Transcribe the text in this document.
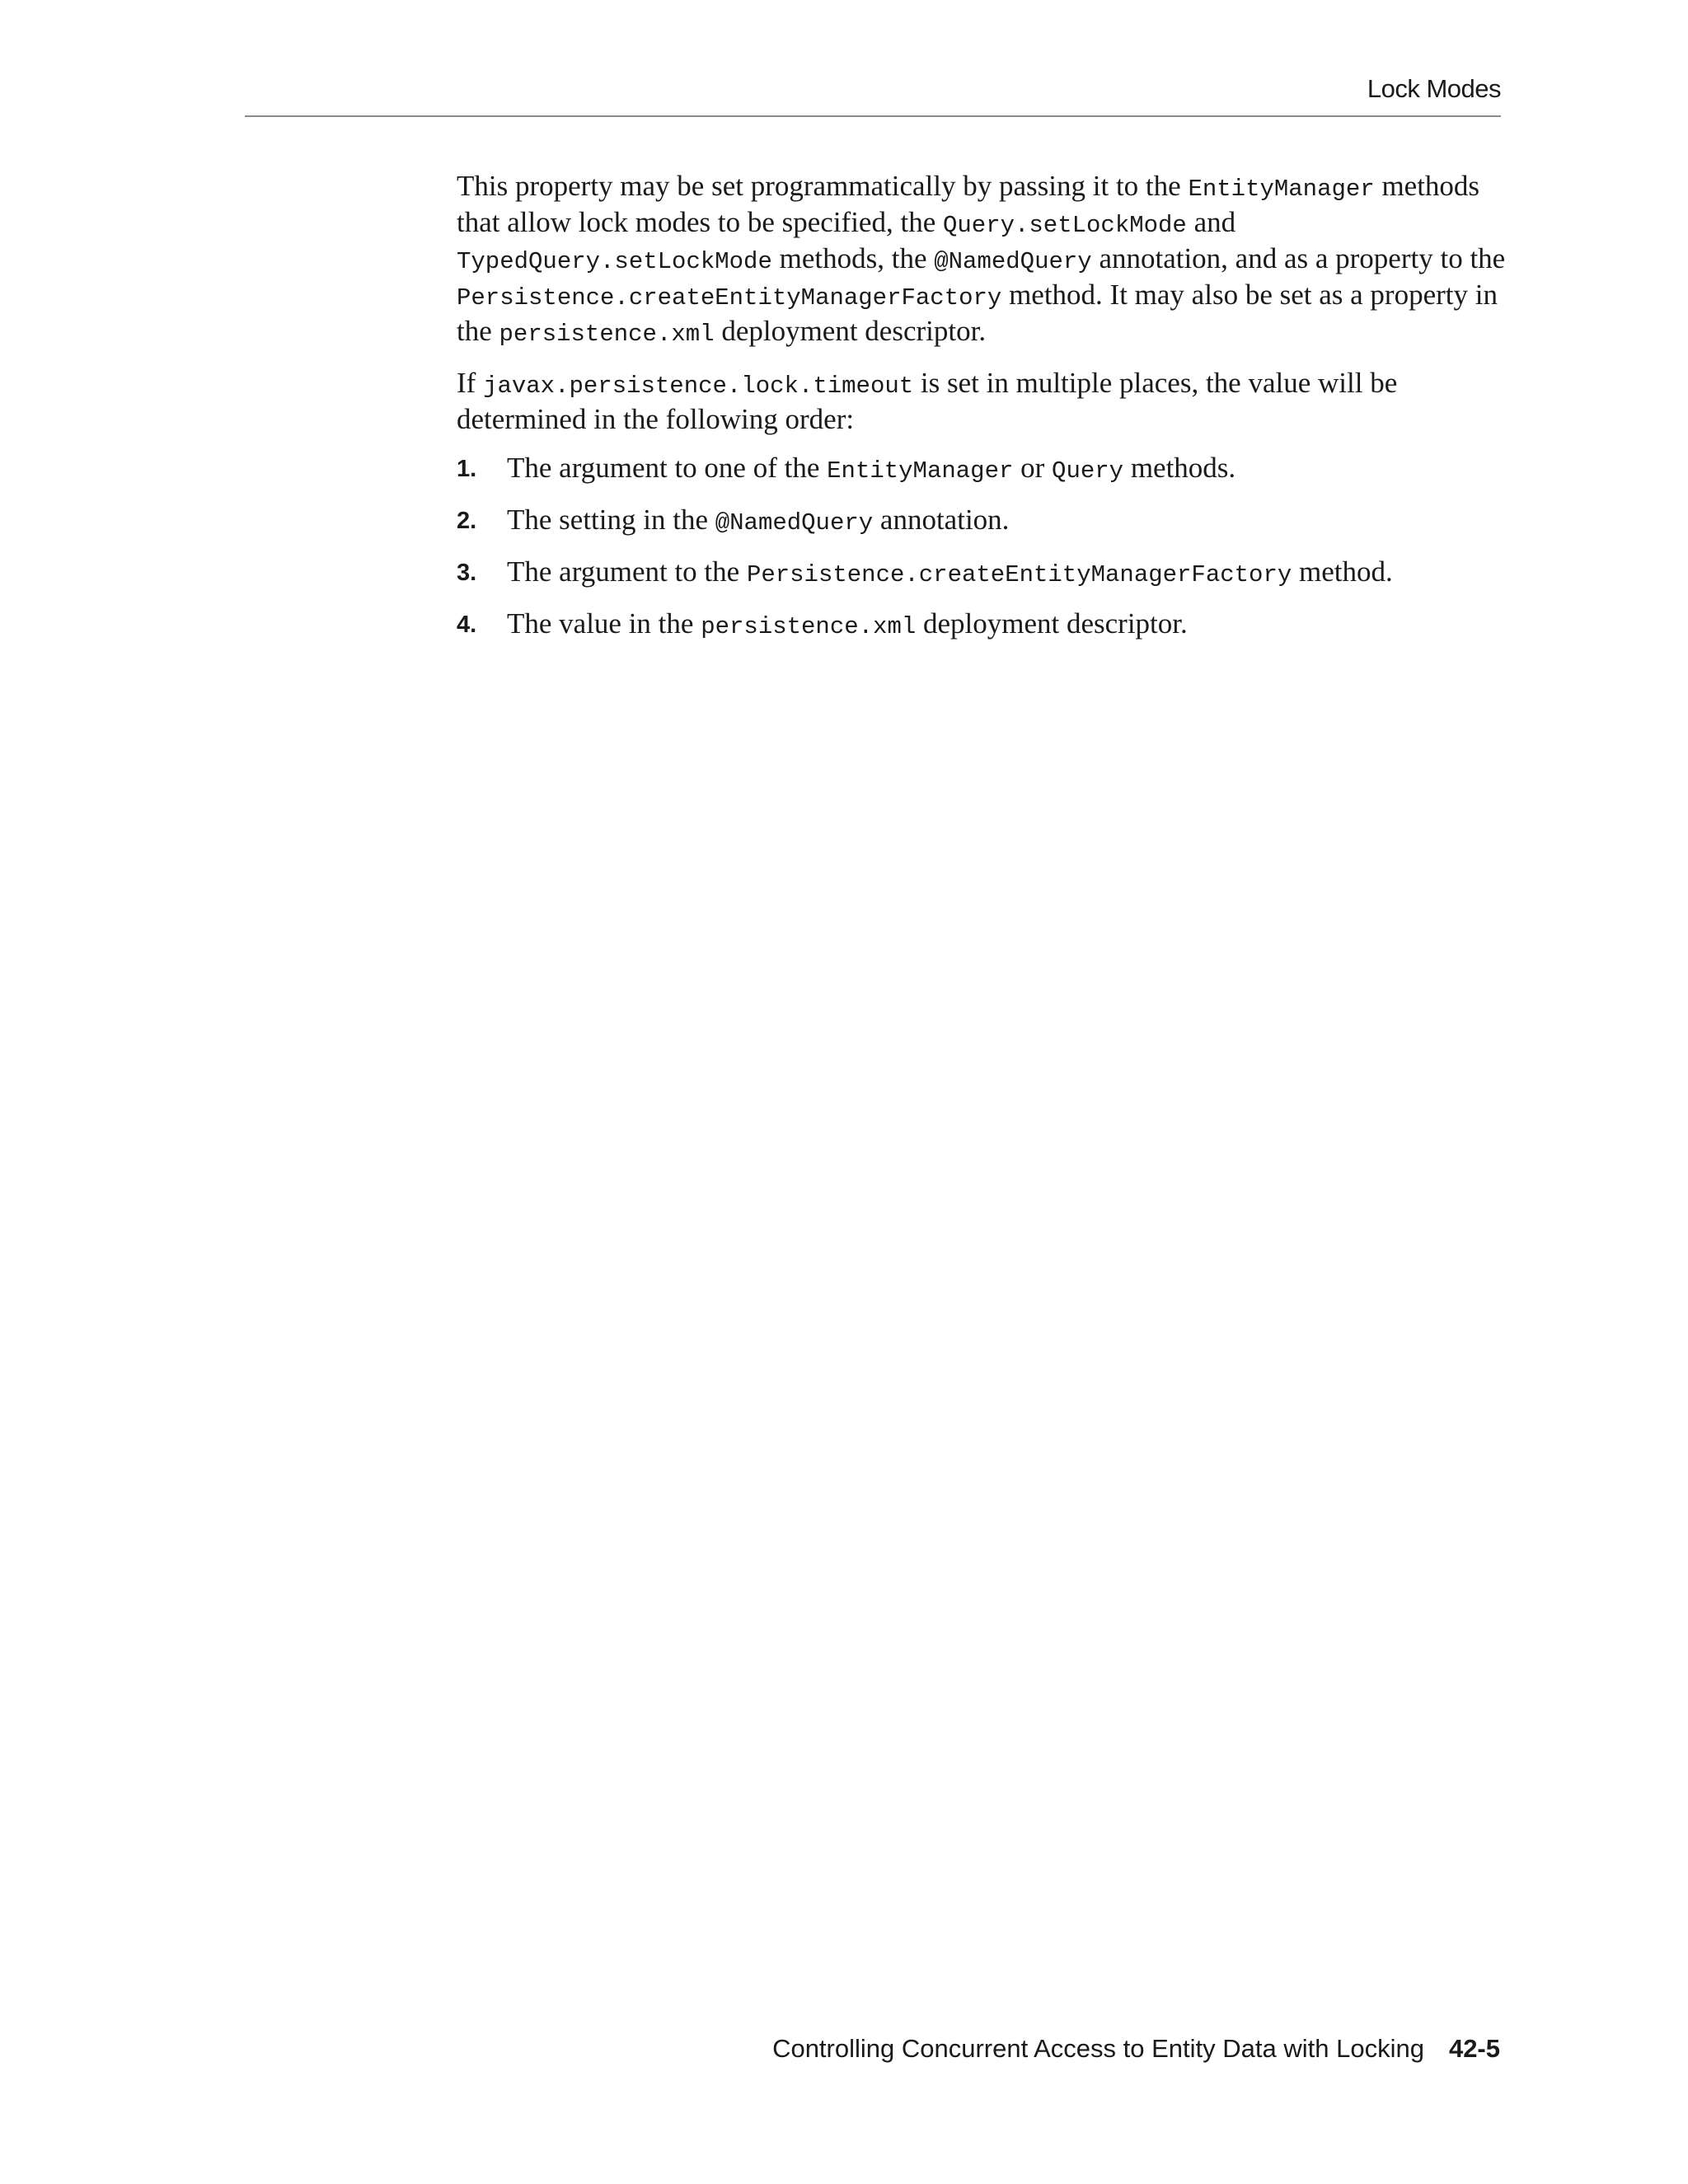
Lock Modes

This property may be set programmatically by passing it to the EntityManager methods that allow lock modes to be specified, the Query.setLockMode and TypedQuery.setLockMode methods, the @NamedQuery annotation, and as a property to the Persistence.createEntityManagerFactory method. It may also be set as a property in the persistence.xml deployment descriptor.

If javax.persistence.lock.timeout is set in multiple places, the value will be determined in the following order:

1. The argument to one of the EntityManager or Query methods.
2. The setting in the @NamedQuery annotation.
3. The argument to the Persistence.createEntityManagerFactory method.
4. The value in the persistence.xml deployment descriptor.
Controlling Concurrent Access to Entity Data with Locking 42-5
